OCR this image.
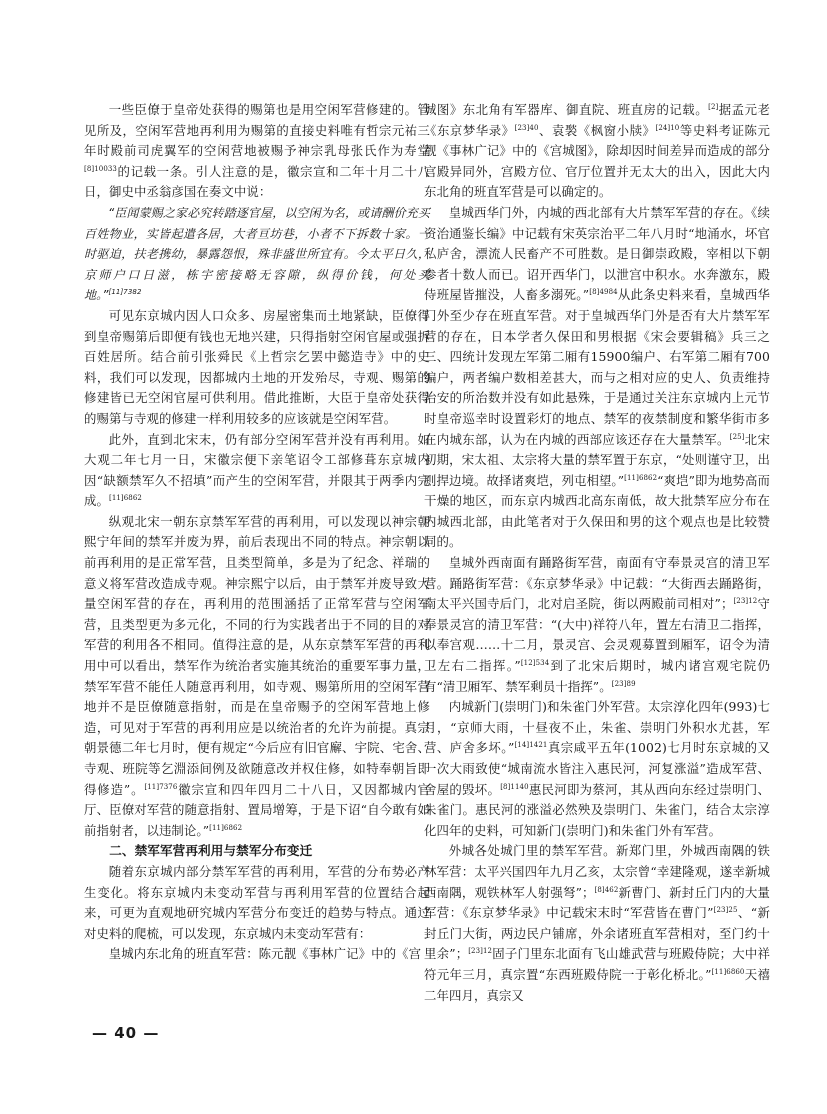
一些臣僚于皇帝处获得的赐第也是用空闲军营修建的。管见所及，空闲军营地再利用为赐第的直接史料唯有哲宗元祐三年时殿前司虎翼军的空闲营地被赐予神宗乳母张氏作为寿堂$^{[8]10033}$的记载一条。引人注意的是，徽宗宣和二年十月二十八日，御史中丞翁彦国在奏文中说：

“臣闻蒙赐之家必究转踏逐官屋，以空闲为名，或请酬价充买百姓物业，实皆起遣各居，大者亘坊巷，小者不下拆数十家。一时驱迫，扶老携幼，暴露怨恨，殊非盛世所宜有。今太平日久，京师户口日滋，栋宇密接略无容隙，纵得价钱，何处买地。”$^{[11]7382}$

可见东京城内因人口众多、房屋密集而土地紧缺，臣僚得到皇帝赐第后即便有钱也无地兴建，只得指射空闲官屋或强拆百姓居所。结合前引张舜民《上哲宗乞罢中懿造寺》中的史料，我们可以发现，因都城内土地的开发殆尽，寺观、赐第的修建皆已无空闲官屋可供利用。借此推断，大臣于皇帝处获得的赐第与寺观的修建一样利用较多的应该就是空闲军营。

此外，直到北宋末，仍有部分空闲军营并没有再利用。如大观二年七月一日，宋徽宗便下亲笔诏令工部修葺东京城内因“缺额禁军久不招填”而产生的空闲军营，并限其于两季内完成。$^{[11]6862}$

纵观北宋一朝东京禁军军营的再利用，可以发现以神宗朝熙宁年间的禁军并废为界，前后表现出不同的特点。神宗朝以前再利用的是正常军营，且类型简单，多是为了纪念、祥瑞的意义将军营改造成寺观。神宗熙宁以后，由于禁军并废导致大量空闲军营的存在，再利用的范围涵括了正常军营与空闲军营，且类型更为多元化，不同的行为实践者出于不同的目的对军营的利用各不相同。值得注意的是，从东京禁军军营的再利用中可以看出，禁军作为统治者实施其统治的重要军事力量，禁军军营不能任人随意再利用，如寺观、赐第所用的空闲军营地并不是臣僚随意指射，而是在皇帝赐予的空闲军营地上修造，可见对于军营的再利用应是以统治者的允许为前提。真宗朝景德二年七月时，便有规定“今后应有旧官廨、宇院、宅舍、寺观、班院等乞淵添间例及欲随意改并权住修，如特奉朝旨即得修造”。$^{[11]7376}$徽宗宣和四年四月二十八日，又因都城内官厅、臣僚对军营的随意指射、置局增筹，于是下诏“自今敢有如前指射者，以违制论。”$^{[11]6862}$

二、禁军军营再利用与禁军分布变迁

随着东京城内部分禁军军营的再利用，军营的分布势必产生变化。将东京城内未变动军营与再利用军营的位置结合起来，可更为直观地研究城内军营分布变迁的趋势与特点。通过对史料的爬梳，可以发现，东京城内未变动军营有：

皇城内东北角的班直军营：陈元靓《事林广记》中的《宫

城图》东北角有军器库、御直院、班直房的记载。[2]据孟元老《东京梦华录》$^{[23]40}$、袁褧《枫窗小牍》$^{[24]10}$等史料考证陈元靓《事林广记》中的《宫城图》，除却因时间差异而造成的部分宫殿异同外，宫殿方位、官厅位置并无太大的出入，因此大内东北角的班直军营是可以确定的。

皇城西华门外，内城的西北部有大片禁军军营的存在。《续资治通鉴长编》中记载有宋英宗治平二年八月时“地涌水，坏官私庐舍，漂流人民畜产不可胜数。是日御崇政殿，宰相以下朝参者十数人而已。诏开西华门，以泄宫中积水。水奔激东，殿侍班屋皆摧没，人畜多溺死。”$^{[8]4984}$从此条史料来看，皇城西华门外至少存在班直军营。对于皇城西华门外是否有大片禁军军营的存在，日本学者久保田和男根据《宋会要辑稿》兵三之三、四统计发现左军第二厢有15900编户、右军第二厢有700编户，两者编户数相差甚大，而与之相对应的史人、负责维持治安的所治数并没有如此悬殊，于是通过关注东京城内上元节时皇帝巡幸时设置彩灯的地点、禁军的夜禁制度和繁华街市多在内城东部，认为在内城的西部应该还存在大量禁军。[25]北宋初期，宋太祖、太宗将大量的禁军置于东京，“处则谨守卫，出则捍边境。故择诸爽垲，列屯相望。”$^{[11]6862}$“爽垲”即为地势高而干燥的地区，而东京内城西北高东南低，故大批禁军应分布在内城西北部，由此笔者对于久保田和男的这个观点也是比较赞同的。

皇城外西南面有踊路街军营，南面有守奉景灵宫的清卫军营。踊路街军营：《东京梦华录》中记载：“大街西去踊路街，南太平兴国寺后门，北对启圣院，街以两殿前司相对”；$^{[23]12}$守奉景灵宫的清卫军营：“(大中)祥符八年，置左右清卫二指挥，以奉宫观……十二月，景灵宫、会灵观募置到厢军，诏令为清卫左右二指挥。”$^{[12]534}$到了北宋后期时，城内诸宫观宅院仍有“清卫厢军、禁军剩员十指挥”。$^{[23]89}$

内城新门(崇明门)和朱雀门外军营。太宗淳化四年(993)七月，“京师大雨，十昼夜不止，朱雀、崇明门外积水尤甚，军营、庐舍多坏。”$^{[14]1421}$真宗咸平五年(1002)七月时东京城的又一次大雨致使“城南流水皆注入惠民河，河复涨溢”造成军营、舍屋的毁坏。$^{[8]1140}$惠民河即为蔡河，其从西向东经过崇明门、朱雀门。惠民河的涨溢必然殃及崇明门、朱雀门，结合太宗淳化四年的史料，可知新门(崇明门)和朱雀门外有军营。

外城各处城门里的禁军军营。新郑门里，外城西南隅的铁林军营：太平兴国四年九月乙亥，太宗曾“幸建隆观，遂幸新城西南隅，观铁林军人射强弩”；$^{[8]462}$新曹门、新封丘门内的大量军营：《东京梦华录》中记载宋末时“军营皆在曹门”$^{[23]25}$、“新封丘门大街，两边民户铺席，外余诸班直军营相对，至门约十里余”；$^{[23]12}$固子门里东北面有飞山雄武营与班殿侍院；大中祥符元年三月，真宗置“东西班殿侍院一于彰化桥北。”$^{[11]6860}$天禧二年四月，真宗又

— 40 —
